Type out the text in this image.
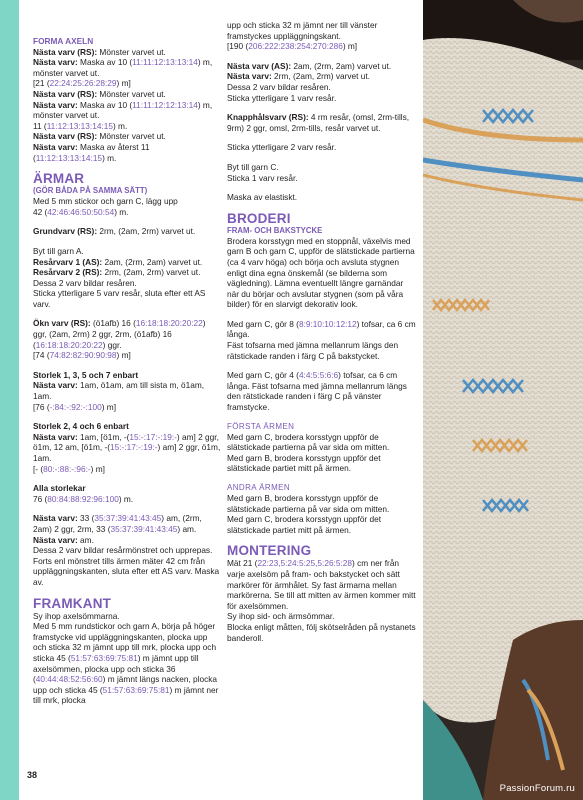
FORMA AXELN
Nästa varv (RS): Mönster varvet ut.
Nästa varv: Maska av 10 (11:11:12:13:13:14) m, mönster varvet ut.
[21 (22:24:25:26:28:29) m]
Nästa varv (RS): Mönster varvet ut.
Nästa varv: Maska av 10 (11:11:12:12:13:14) m, mönster varvet ut.
11 (11:12:13:13:14:15) m.
Nästa varv (RS): Mönster varvet ut.
Nästa varv: Maska av återst 11 (11:12:13:13:14:15) m.

ÄRMAR
(GÖR BÅDA PÅ SAMMA SÄTT)

Med 5 mm stickor och garn C, lägg upp
42 (42:46:46:50:50:54) m.

Grundvarv (RS): 2rm, (2am, 2rm) varvet ut.

Byt till garn A.
Resårvarv 1 (AS): 2am, (2rm, 2am) varvet ut.
Resårvarv 2 (RS): 2rm, (2am, 2rm) varvet ut.
Dessa 2 varv bildar resåren.
Sticka ytterligare 5 varv resår, sluta efter ett AS varv.

Ökn varv (RS): (ö1afb) 16 (16:18:18:20:20:22) ggr, (2am, 2rm) 2 ggr, 2rm, (ö1afb) 16 (16:18:18:20:20:22) ggr.
[74 (74:82:82:90:90:98) m]

Storlek 1, 3, 5 och 7 enbart
Nästa varv: 1am, ö1am, am till sista m, ö1am, 1am.
[76 (-:84:-:92:-:100) m]

Storlek 2, 4 och 6 enbart
Nästa varv: 1am, [ö1m, -(15:-:17:-:19:-) am] 2 ggr, ö1m, 12 am, [ö1m, -(15:-:17:-:19:-) am] 2 ggr, ö1m, 1am.
[- (80:-:88:-:96:-) m]

Alla storlekar
76 (80:84:88:92:96:100) m.

Nästa varv: 33 (35:37:39:41:43:45) am, (2rm, 2am) 2 ggr, 2rm, 33 (35:37:39:41:43:45) am.
Nästa varv: am.
Dessa 2 varv bildar resårmönstret och upprepas. Forts enl mönstret tills ärmen mäter 42 cm från uppläggningskanten, sluta efter ett AS varv. Maska av.

FRAMKANT

Sy ihop axelsömmarna.
Med 5 mm rundstickor och garn A, börja på höger framstycke vid uppläggningskanten, plocka upp och sticka 32 m jämnt upp till mrk, plocka upp och sticka 45 (51:57:63:69:75:81) m jämnt upp till axelsömmen, plocka upp och sticka 36 (40:44:48:52:56:60) m jämnt längs nacken, plocka upp och sticka 45 (51:57:63:69:75:81) m jämnt ner till mrk, plocka

upp och sticka 32 m jämnt ner till vänster framstyckes uppläggningskant.
[190 (206:222:238:254:270:286) m]

Nästa varv (AS): 2am, (2rm, 2am) varvet ut.
Nästa varv: 2rm, (2am, 2rm) varvet ut.
Dessa 2 varv bildar resåren.
Sticka ytterligare 1 varv resår.

Knapphålsvarv (RS): 4 rm resår, (omsl, 2rm-tills, 9rm) 2 ggr, omsl, 2rm-tills, resår varvet ut.

Sticka ytterligare 2 varv resår.

Byt till garn C.
Sticka 1 varv resår.

Maska av elastiskt.

BRODERI
FRAM- OCH BAKSTYCKE

Brodera korsstygn med en stoppnål, växelvis med garn B och garn C, uppför de slätstickade partierna (ca 4 varv höga) och börja och avsluta stygnen enligt dina egna önskemål (se bilderna som vägledning). Lämna eventuellt längre garnändar när du börjar och avslutar stygnen (som på våra bilder) för en slarvigt dekorativ look.

Med garn C, gör 8 (8:9:10:10:12:12) tofsar, ca 6 cm långa.
Fäst tofsarna med jämna mellanrum längs den rätstickade randen i färg C på bakstycket.

Med garn C, gör 4 (4:4:5:5:6:6) tofsar, ca 6 cm långa. Fäst tofsarna med jämna mellanrum längs den rätstickade randen i färg C på vänster framstycke.

FÖRSTA ÄRMEN

Med garn C, brodera korsstygn uppför de slätstickade partierna på var sida om mitten.
Med garn B, brodera korsstygn uppför det slätstickade partiet mitt på ärmen.

ANDRA ÄRMEN

Med garn B, brodera korsstygn uppför de slätstickade partierna på var sida om mitten.
Med garn C, brodera korsstygn uppför det slätstickade partiet mitt på ärmen.

MONTERING

Mät 21 (22:23,5:24:5:25,5:26:5:28) cm ner från varje axelsöm på fram- och bakstycket och sätt markörer för ärmhålet. Sy fast ärmarna mellan markörerna. Se till att mitten av ärmen kommer mitt för axelsömmen.
Sy ihop sid- och ärmsömmar.
Blocka enligt måtten, följ skötselråden på nystanets banderoll.

38
PassionForum.ru
